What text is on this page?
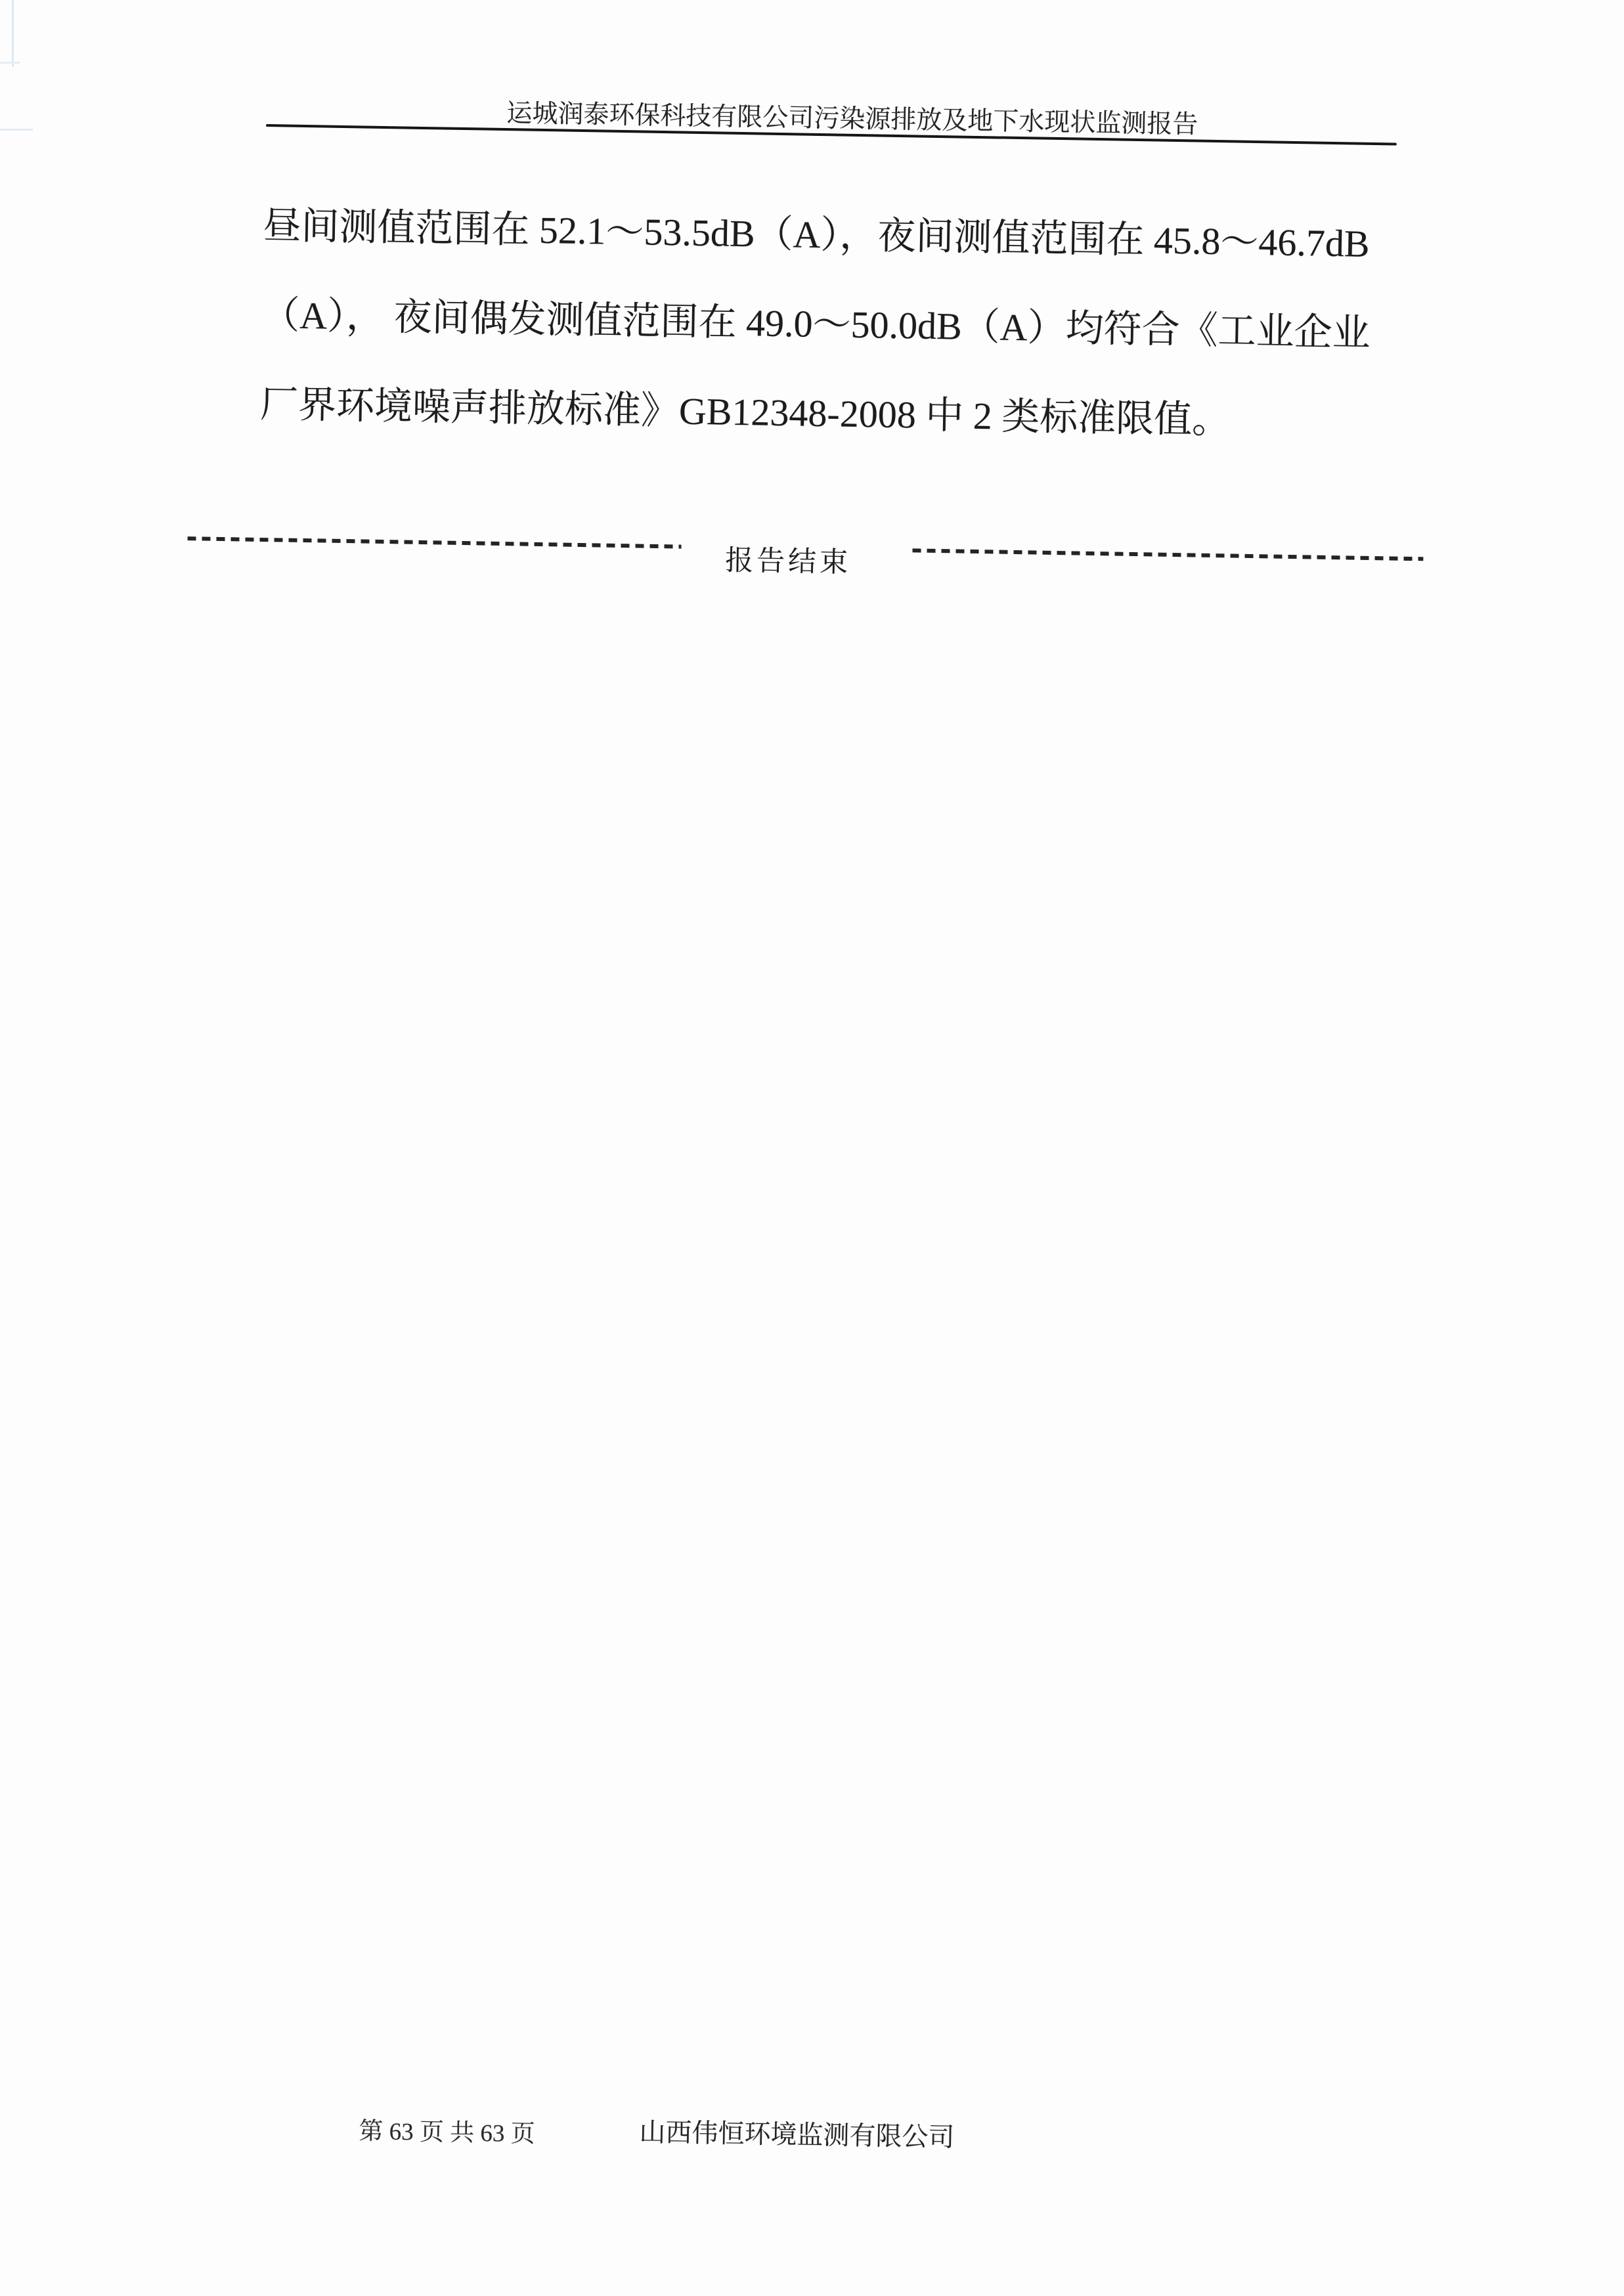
运城润泰环保科技有限公司污染源排放及地下水现状监测报告
昼间测值范围在 52.1～53.5dB（A），夜间测值范围在 45.8～46.7dB
（A）， 夜间偶发测值范围在 49.0～50.0dB（A）均符合《工业企业
厂界环境噪声排放标准》GB12348-2008 中 2 类标准限值。
报告结束
第 63 页 共 63 页	山西伟恒环境监测有限公司
